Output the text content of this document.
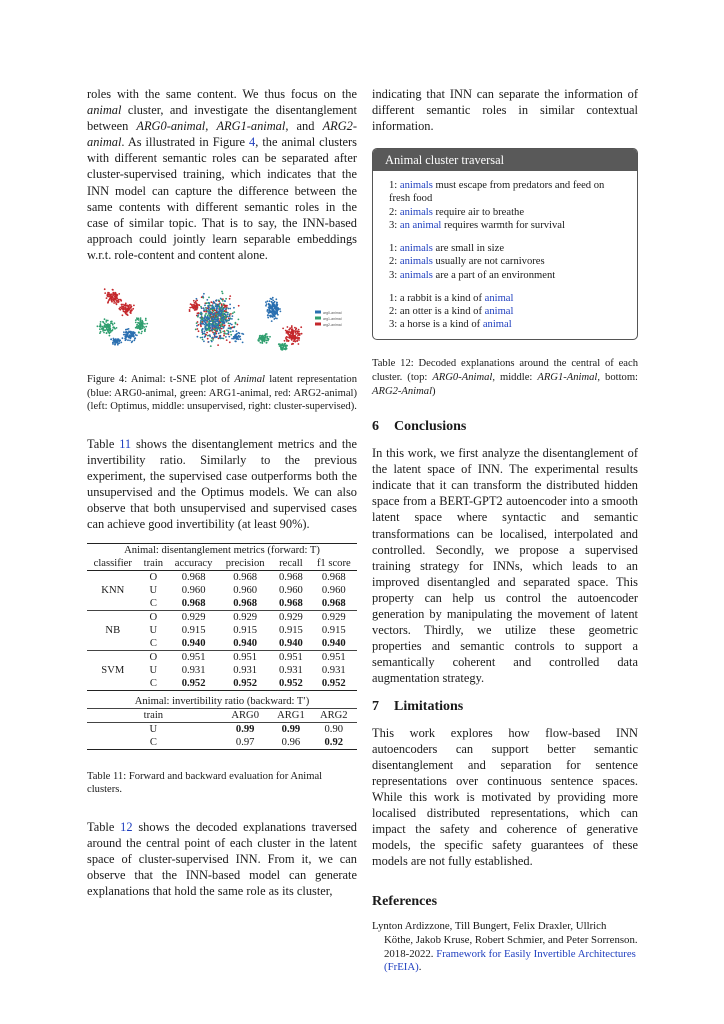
roles with the same content. We thus focus on the animal cluster, and investigate the disentanglement between ARG0-animal, ARG1-animal, and ARG2-animal. As illustrated in Figure 4, the animal clusters with different semantic roles can be separated after cluster-supervised training, which indicates that the INN model can capture the difference between the same contents with different semantic roles in the case of similar topic. That is to say, the INN-based approach could jointly learn separable embeddings w.r.t. role-content and content alone.

arg0-animal
arg1-animal
arg2-animal

Figure 4: Animal: t-SNE plot of Animal latent representation (blue: ARG0-animal, green: ARG1-animal, red: ARG2-animal) (left: Optimus, middle: unsupervised, right: cluster-supervised).

Table 11 shows the disentanglement metrics and the invertibility ratio. Similarly to the previous experiment, the supervised case outperforms both the unsupervised and the Optimus models. We can also observe that both unsupervised and supervised cases can achieve good invertibility (at least 90%).

Animal: disentanglement metrics (forward: T)					
classifier	train	accuracy	precision	recall	f1 score
KNN	O	0.968	0.968	0.968	0.968
	U	0.960	0.960	0.960	0.960
	C	0.968	0.968	0.968	0.968
NB	O	0.929	0.929	0.929	0.929
	U	0.915	0.915	0.915	0.915
	C	0.940	0.940	0.940	0.940
SVM	O	0.951	0.951	0.951	0.951
	U	0.931	0.931	0.931	0.931
	C	0.952	0.952	0.952	0.952

Animal: invertibility ratio (backward: T′)					
	train		ARG0	ARG1	ARG2
	U		0.99	0.99	0.90
	C		0.97	0.96	0.92

Table 11: Forward and backward evaluation for Animal clusters.

Table 12 shows the decoded explanations traversed around the central point of each cluster in the latent space of cluster-supervised INN. From it, we can observe that the INN-based model can generate explanations that hold the same role as its cluster,

indicating that INN can separate the information of different semantic roles in similar contextual information.

Animal cluster traversal
1: animals must escape from predators and feed on fresh food
2: animals require air to breathe
3: an animal requires warmth for survival
1: animals are small in size
2: animals usually are not carnivores
3: animals are a part of an environment
1: a rabbit is a kind of animal
2: an otter is a kind of animal
3: a horse is a kind of animal

Table 12: Decoded explanations around the central of each cluster. (top: ARG0-Animal, middle: ARG1-Animal, bottom: ARG2-Animal)

6 Conclusions

In this work, we first analyze the disentanglement of the latent space of INN. The experimental results indicate that it can transform the distributed hidden space from a BERT-GPT2 autoencoder into a smooth latent space where syntactic and semantic transformations can be localised, interpolated and controlled. Secondly, we propose a supervised training strategy for INNs, which leads to an improved disentangled and separated space. This property can help us control the autoencoder generation by manipulating the movement of latent vectors. Thirdly, we utilize these geometric properties and semantic controls to support a semantically coherent and controlled data augmentation strategy.

7 Limitations

This work explores how flow-based INN autoencoders can support better semantic disentanglement and separation for sentence representations over continuous sentence spaces. While this work is motivated by providing more localised distributed representations, which can impact the safety and coherence of generative models, the specific safety guarantees of these models are not fully established.

References

Lynton Ardizzone, Till Bungert, Felix Draxler, Ullrich Köthe, Jakob Kruse, Robert Schmier, and Peter Sorrenson. 2018-2022. Framework for Easily Invertible Architectures (FrEIA).
